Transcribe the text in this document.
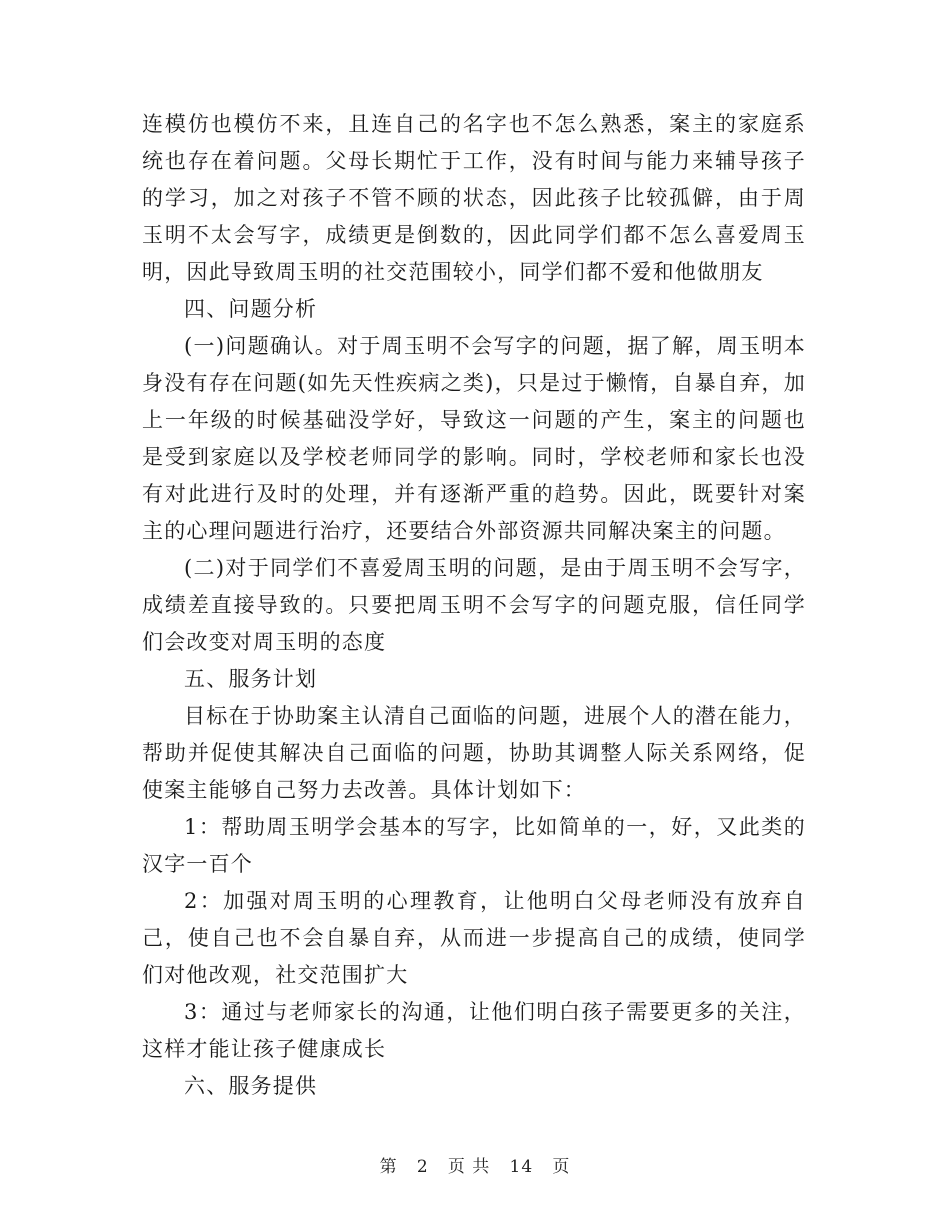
连模仿也模仿不来，且连自己的名字也不怎么熟悉，案主的家庭系统也存在着问题。父母长期忙于工作，没有时间与能力来辅导孩子的学习，加之对孩子不管不顾的状态，因此孩子比较孤僻，由于周玉明不太会写字，成绩更是倒数的，因此同学们都不怎么喜爱周玉明，因此导致周玉明的社交范围较小，同学们都不爱和他做朋友

四、问题分析

(一)问题确认。对于周玉明不会写字的问题，据了解，周玉明本身没有存在问题(如先天性疾病之类)，只是过于懒惰，自暴自弃，加上一年级的时候基础没学好，导致这一问题的产生，案主的问题也是受到家庭以及学校老师同学的影响。同时，学校老师和家长也没有对此进行及时的处理，并有逐渐严重的趋势。因此，既要针对案主的心理问题进行治疗，还要结合外部资源共同解决案主的问题。

(二)对于同学们不喜爱周玉明的问题，是由于周玉明不会写字，成绩差直接导致的。只要把周玉明不会写字的问题克服，信任同学们会改变对周玉明的态度

五、服务计划

目标在于协助案主认清自己面临的问题，进展个人的潜在能力，帮助并促使其解决自己面临的问题，协助其调整人际关系网络，促使案主能够自己努力去改善。具体计划如下：

1：帮助周玉明学会基本的写字，比如简单的一，好，又此类的汉字一百个

2：加强对周玉明的心理教育，让他明白父母老师没有放弃自己，使自己也不会自暴自弃，从而进一步提高自己的成绩，使同学们对他改观，社交范围扩大

3：通过与老师家长的沟通，让他们明白孩子需要更多的关注，这样才能让孩子健康成长

六、服务提供

第 2 页 共 14 页
